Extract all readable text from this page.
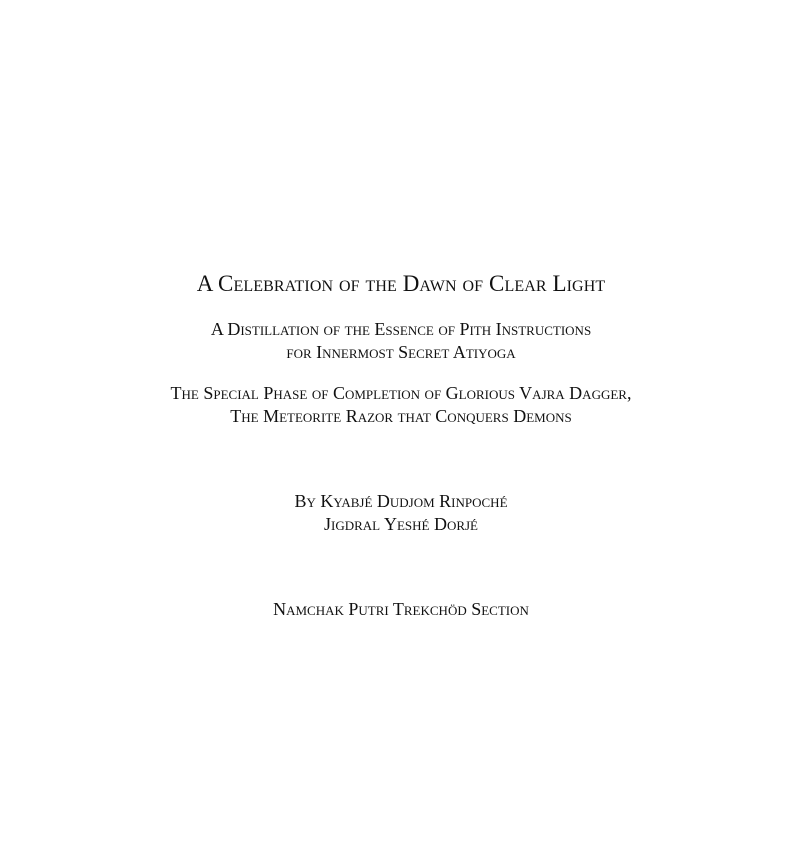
A Celebration of the Dawn of Clear Light
A Distillation of the Essence of Pith Instructions
for Innermost Secret Atiyoga
The Special Phase of Completion of Glorious Vajra Dagger,
The Meteorite Razor that Conquers Demons
By Kyabjé Dudjom Rinpoché
Jigdral Yeshé Dorjé
Namchak Putri Trekchöd Section
